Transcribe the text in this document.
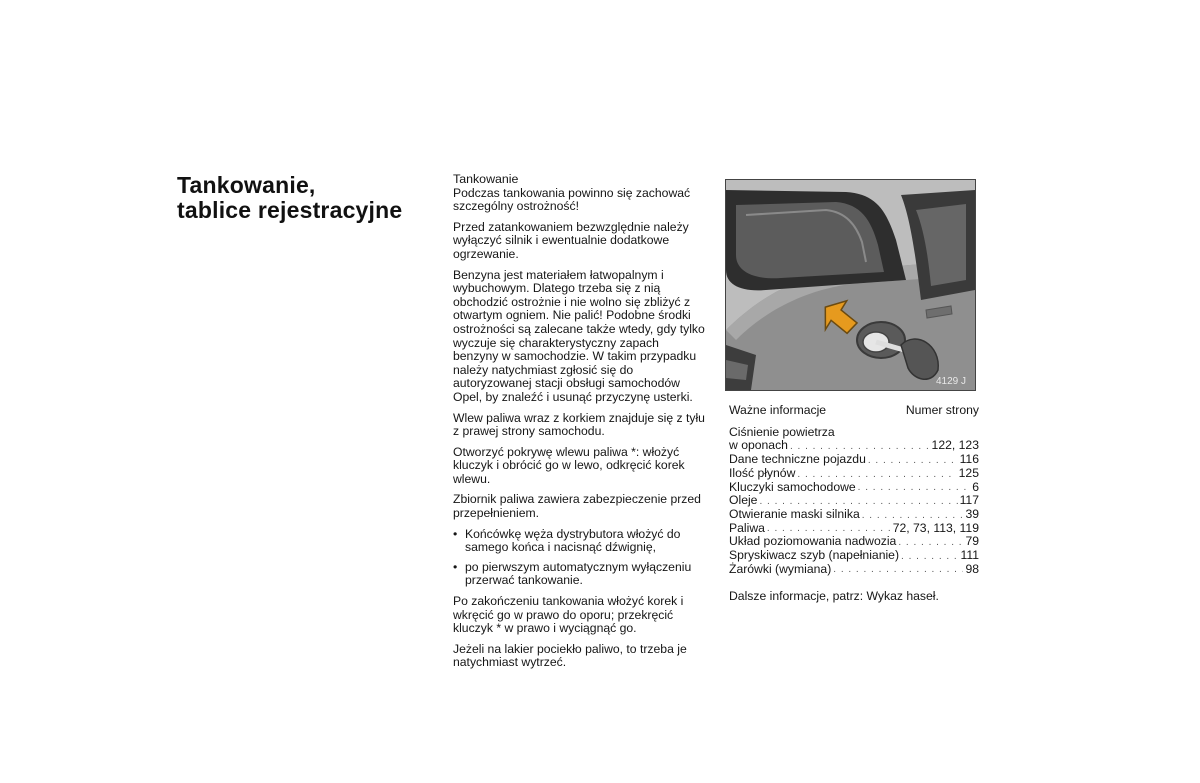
Tankowanie,
tablice rejestracyjne
Tankowanie

Podczas tankowania powinno się zachować szczególny ostrożność!

Przed zatankowaniem bezwzględnie należy wyłączyć silnik i ewentualnie dodatkowe ogrzewanie.

Benzyna jest materiałem łatwopalnym i wybuchowym. Dlatego trzeba się z nią obchodzić ostrożnie i nie wolno się zbliżyć z otwartym ogniem. Nie palić! Podobne środki ostrożności są zalecane także wtedy, gdy tylko wyczuje się charakterystyczny zapach benzyny w samochodzie. W takim przypadku należy natychmiast zgłosić się do autoryzowanej stacji obsługi samochodów Opel, by znaleźć i usunąć przyczynę usterki.

Wlew paliwa wraz z korkiem znajduje się z tyłu z prawej strony samochodu.

Otworzyć pokrywę wlewu paliwa *: włożyć kluczyk i obrócić go w lewo, odkręcić korek wlewu.

Zbiornik paliwa zawiera zabezpieczenie przed przepełnieniem.

• Końcówkę węża dystrybutora włożyć do samego końca i nacisnąć dźwignię,
• po pierwszym automatycznym wyłączeniu przerwać tankowanie.

Po zakończeniu tankowania włożyć korek i wkręcić go w prawo do oporu; przekręcić kluczyk * w prawo i wyciągnąć go.

Jeżeli na lakier pociekło paliwo, to trzeba je natychmiast wytrzeć.

4129 J
Ważne informacje	Numer strony
Ciśnienie powietrza
w oponach . . .	122, 123
Dane techniczne pojazdu . . .	116
Ilość płynów . . .	125
Kluczyki samochodowe . . .	6
Oleje . . .	117
Otwieranie maski silnika . . .	39
Paliwa . . .	72, 73, 113, 119
Układ poziomowania nadwozia . . .	79
Spryskiwacz szyb (napełnianie) . . .	111
Żarówki (wymiana) . . .	98
Dalsze informacje, patrz: Wykaz haseł.
